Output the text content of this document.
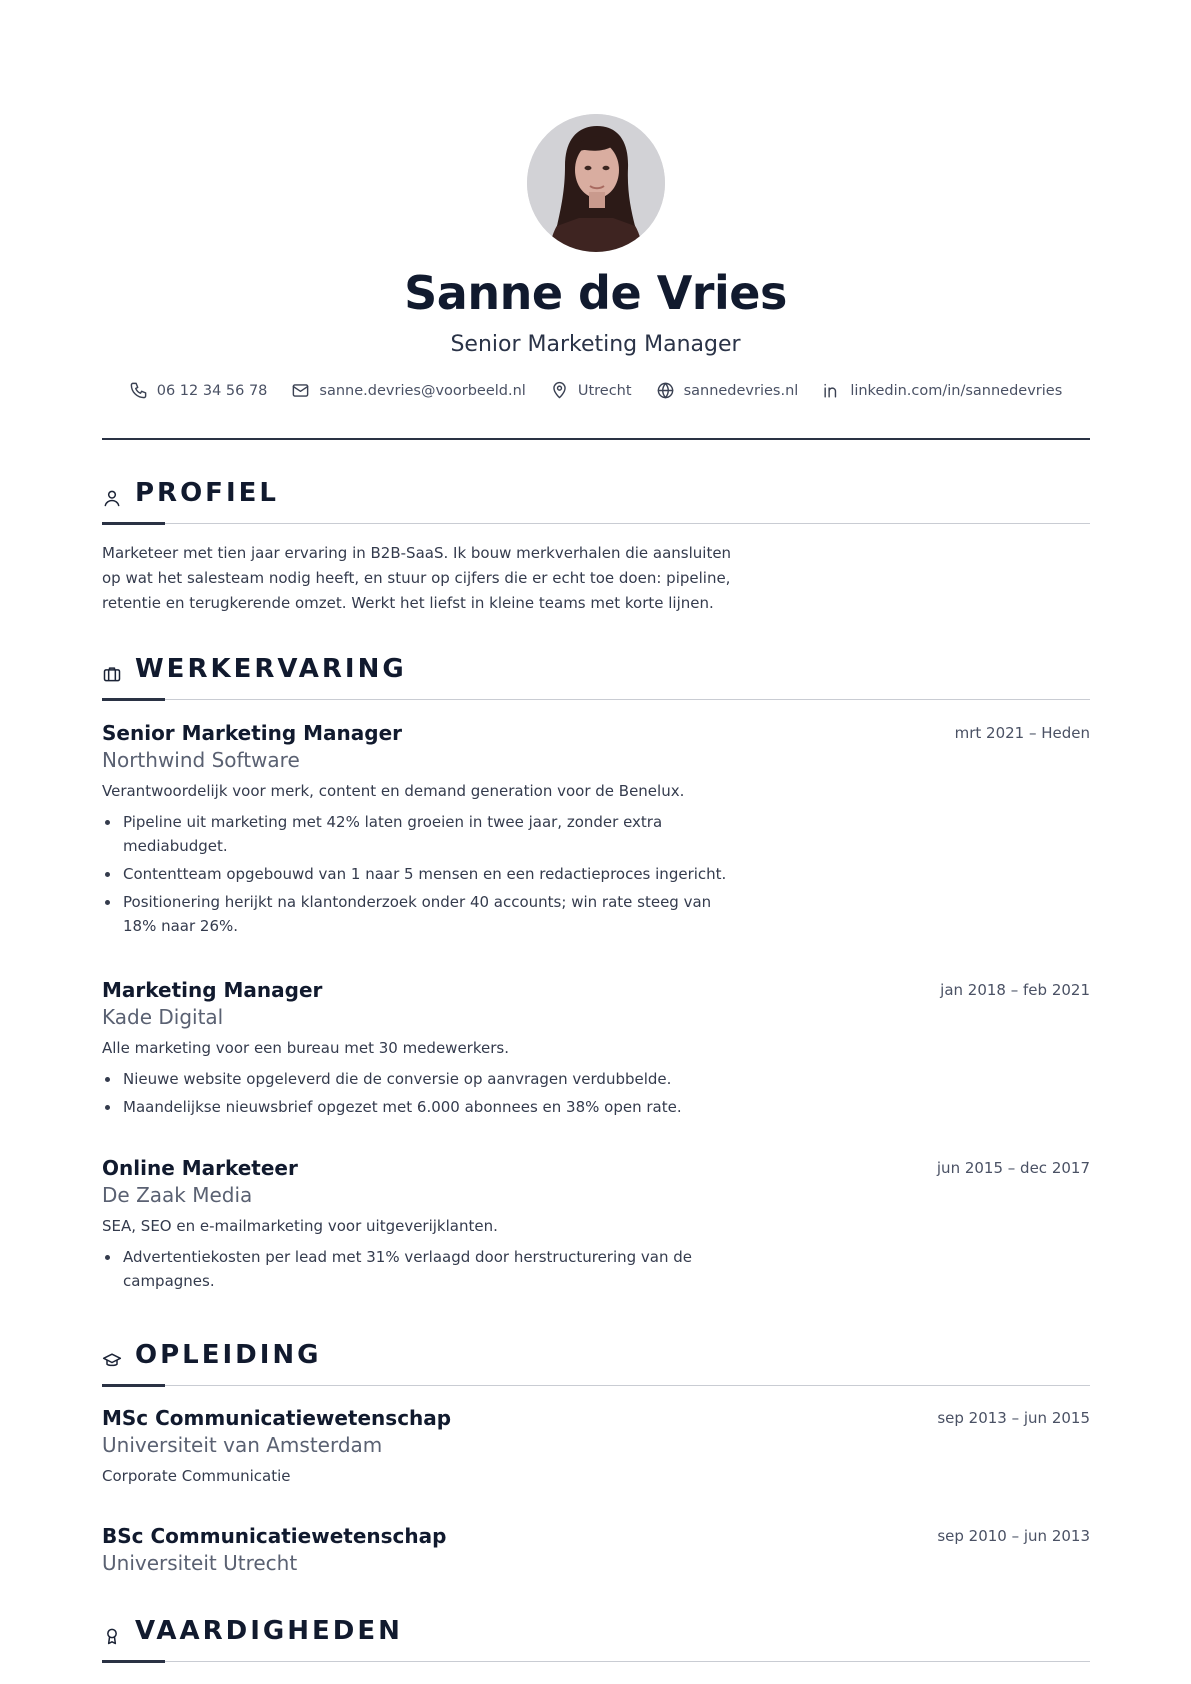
Sanne de Vries
Senior Marketing Manager
06 12 34 56 78	sanne.devries@voorbeeld.nl	Utrecht	sannedevries.nl	linkedin.com/in/sannedevries
PROFIEL
Marketeer met tien jaar ervaring in B2B-SaaS. Ik bouw merkverhalen die aansluiten op wat het salesteam nodig heeft, en stuur op cijfers die er echt toe doen: pipeline, retentie en terugkerende omzet. Werkt het liefst in kleine teams met korte lijnen.
WERKERVARING
Senior Marketing Manager
Northwind Software
mrt 2021 – Heden
Verantwoordelijk voor merk, content en demand generation voor de Benelux.
Pipeline uit marketing met 42% laten groeien in twee jaar, zonder extra mediabudget.
Contentteam opgebouwd van 1 naar 5 mensen en een redactieproces ingericht.
Positionering herijkt na klantonderzoek onder 40 accounts; win rate steeg van 18% naar 26%.
Marketing Manager
Kade Digital
jan 2018 – feb 2021
Alle marketing voor een bureau met 30 medewerkers.
Nieuwe website opgeleverd die de conversie op aanvragen verdubbelde.
Maandelijkse nieuwsbrief opgezet met 6.000 abonnees en 38% open rate.
Online Marketeer
De Zaak Media
jun 2015 – dec 2017
SEA, SEO en e-mailmarketing voor uitgeverijklanten.
Advertentiekosten per lead met 31% verlaagd door herstructurering van de campagnes.
OPLEIDING
MSc Communicatiewetenschap
Universiteit van Amsterdam
sep 2013 – jun 2015
Corporate Communicatie
BSc Communicatiewetenschap
Universiteit Utrecht
sep 2010 – jun 2013
VAARDIGHEDEN
